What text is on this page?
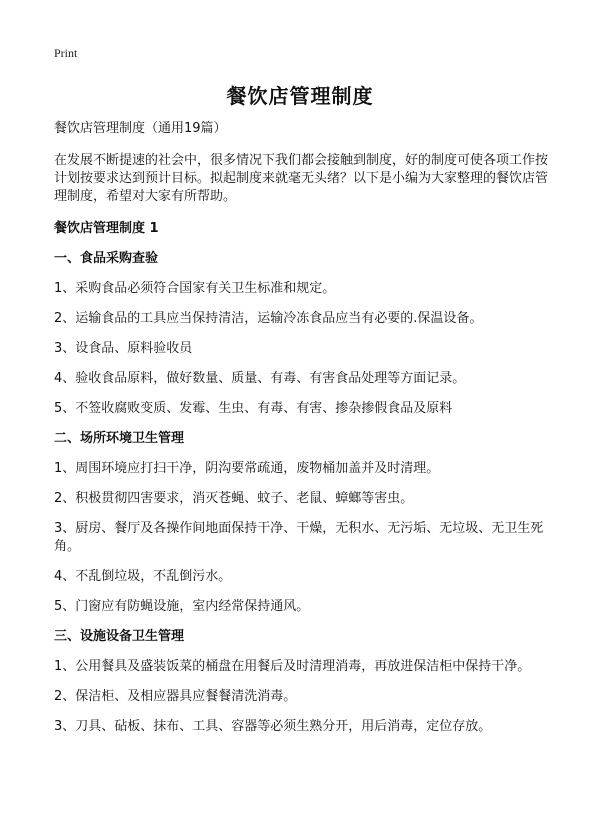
Print
餐饮店管理制度

餐饮店管理制度（通用19篇）

在发展不断提速的社会中，很多情况下我们都会接触到制度，好的制度可使各项工作按计划按要求达到预计目标。拟起制度来就毫无头绪？以下是小编为大家整理的餐饮店管理制度，希望对大家有所帮助。

餐饮店管理制度 1

一、食品采购查验

1、采购食品必须符合国家有关卫生标准和规定。

2、运输食品的工具应当保持清洁，运输冷冻食品应当有必要的.保温设备。

3、设食品、原料验收员

4、验收食品原料，做好数量、质量、有毒、有害食品处理等方面记录。

5、不签收腐败变质、发霉、生虫、有毒、有害、掺杂掺假食品及原料

二、场所环境卫生管理

1、周围环境应打扫干净，阴沟要常疏通，废物桶加盖并及时清理。

2、积极贯彻四害要求，消灭苍蝇、蚊子、老鼠、蟑螂等害虫。

3、厨房、餐厅及各操作间地面保持干净、干燥，无积水、无污垢、无垃圾、无卫生死角。

4、不乱倒垃圾，不乱倒污水。

5、门窗应有防蝇设施，室内经常保持通风。

三、设施设备卫生管理

1、公用餐具及盛装饭菜的桶盘在用餐后及时清理消毒，再放进保洁柜中保持干净。

2、保洁柜、及相应器具应餐餐清洗消毒。

3、刀具、砧板、抹布、工具、容器等必须生熟分开，用后消毒，定位存放。
